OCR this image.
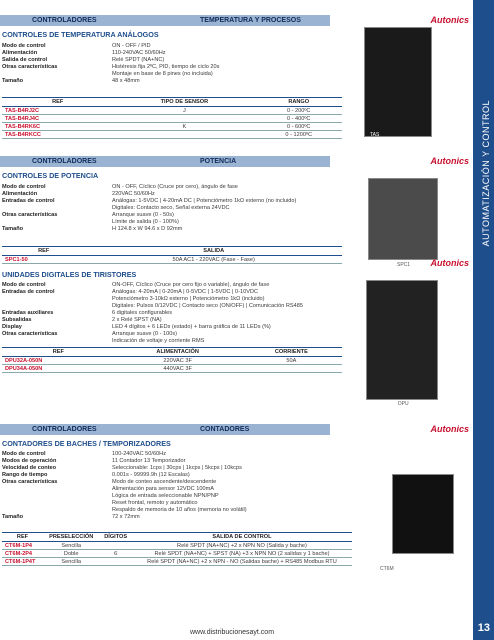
AUTOMATIZACIÓN Y CONTROL
13
CONTROLADORES	TEMPERATURA Y PROCESOS	Autonics
CONTROLES DE TEMPERATURA ANÁLOGOS
Modo de control	ON - OFF / PID
Alimentación	110-240VAC 50/60Hz
Salida de control	Relé SPDT (NA+NC)
Otras características	Histéresis fija 2ºC, PID, tiempo de ciclo 20s
Montaje en base de 8 pines (no incluida)
Tamaño	48 x 48mm
REF	TIPO DE SENSOR	RANGO
TAS-B4RJ2C	J	0 - 200ºC
TAS-B4RJ4C		0 - 400ºC
TAS-B4RK6C	K	0 - 600ºC
TAS-B4RKCC		0 - 1200ºC	TAS
CONTROLADORES	POTENCIA	Autonics
CONTROLES DE POTENCIA
Modo de control	ON - OFF, Cíclico (Cruce por cero), ángulo de fase
Alimentación	220VAC 50/60Hz
Entradas de control	Análogas: 1-5VDC | 4-20mA DC | Potenciómetro 1kΩ externo (no incluido)
Digitales: Contacto seco, Señal externa 24VDC
Otras características	Arranque suave (0 - 50s)
Límite de salida (0 - 100%)
Tamaño	H 124.8 x W 94.6 x D 92mm
REF	SALIDA
SPC1-50	50A AC1 - 220VAC (Fase - Fase)
SPC1 Autonics
UNIDADES DIGITALES DE TIRISTORES
Modo de control	ON-OFF, Cíclico (Cruce por cero fijo o variable), ángulo de fase
Entradas de control	Análogas: 4-20mA | 0-20mA | 0-5VDC | 1-5VDC | 0-10VDC
Potenciómetro 3-10kΩ externo | Potenciómetro 1kΩ (incluido)
Digitales: Pulsos 0/12VDC | Contacto seco (ON/OFF) | Comunicación RS485
Entradas auxiliares	6 digitales configurables
Subsalidas	2 x Relé SPST (NA)
Display	LED 4 dígitos + 6 LEDs (estado) + barra gráfica de 11 LEDs (%)
Otras características	Arranque suave (0 - 100s)
Indicación de voltaje y corriente RMS
REF	ALIMENTACIÓN	CORRIENTE
DPU32A-050N	220VAC 3F	50A
DPU34A-050N	440VAC 3F	
DPU
CONTROLADORES	CONTADORES	Autonics
CONTADORES DE BACHES / TEMPORIZADORES
Modo de control	100-240VAC 50/60Hz
Modos de operación	11 Contador 13 Temporizador
Velocidad de conteo	Seleccionable: 1cps | 30cps | 1kcps | 5kcps | 10kcps
Rango de tiempo	0.001s - 99999.9h (12 Escalas)
Otras características	Modo de conteo ascendente/descendente
Alimentación para sensor 12VDC 100mA
Lógica de entrada seleccionable NPN/PNP
Reset frontal, remoto y automático
Respaldo de memoria de 10 años (memoria no volátil)
Tamaño	72 x 72mm
REF	PRESELECCIÓN	DÍGITOS	SALIDA DE CONTROL
CT6M-1P4	Sencilla		Relé SPDT (NA+NC) +2 x NPN NO (Salida y bache)
CT6M-2P4	Doble	6	Relé SPDT (NA+NC) + SPST (NA) +3 x NPN NO (2 salidas y 1 bache)
CT6M-1P4T	Sencilla		Relé SPDT (NA+NC) +2 x NPN - NO (Salidas bache) + RS485 Modbus RTU
CT6M
www.distribucionesayt.com
